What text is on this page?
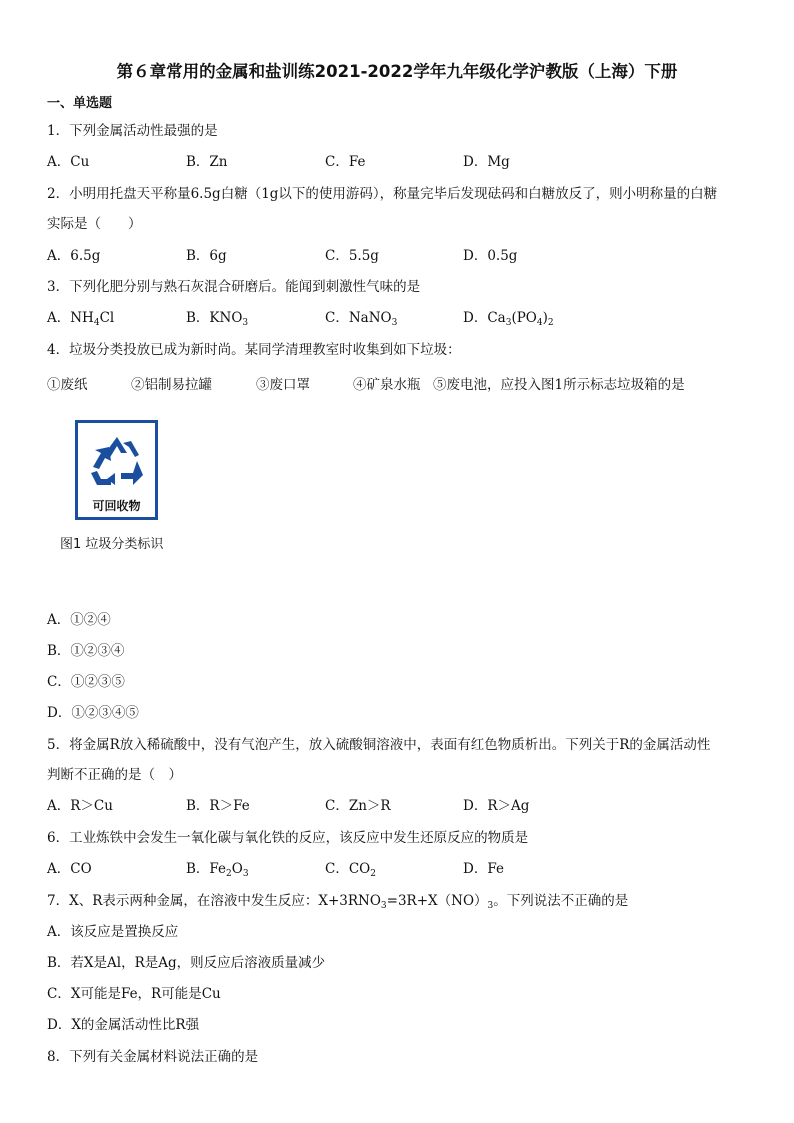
第６章常用的金属和盐训练2021-2022学年九年级化学沪教版（上海）下册
一、单选题
1．下列金属活动性最强的是
A．Cu	B．Zn	C．Fe	D．Mg
2．小明用托盘天平称量6.5g白糖（1g以下的使用游码），称量完毕后发现砝码和白糖放反了，则小明称量的白糖
实际是（　　）
A．6.5g	B．6g	C．5.5g	D．0.5g
3．下列化肥分别与熟石灰混合研磨后。能闻到刺激性气味的是
A．$NH_4Cl$	B．$KNO_3$	C．NaNO$_3$	D．$Ca_3(PO_4)_2$
4．垃圾分类投放已成为新时尚。某同学清理教室时收集到如下垃圾：
①废纸	②铝制易拉罐	③废口罩	④矿泉水瓶 ⑤废电池，应投入图1所示标志垃圾箱的是
可回收物
图1 垃圾分类标识
A．①②④
B．①②③④
C．①②③⑤
D．①②③④⑤
5．将金属R放入稀硫酸中，没有气泡产生，放入硫酸铜溶液中，表面有红色物质析出。下列关于R的金属活动性
判断不正确的是（　）
A．R＞Cu	B．R＞Fe	C．Zn＞R	D．R＞Ag
6．工业炼铁中会发生一氧化碳与氧化铁的反应，该反应中发生还原反应的物质是
A．CO	B．$Fe_2O_3$	C．$CO_2$	D．Fe
7．X、R表示两种金属，在溶液中发生反应：$X+3RNO_3=3R+X(NO)_3$。下列说法不正确的是
A．该反应是置换反应
B．若X是Al，R是Ag，则反应后溶液质量减少
C．X可能是Fe，R可能是Cu
D．X的金属活动性比R强
8．下列有关金属材料说法正确的是
